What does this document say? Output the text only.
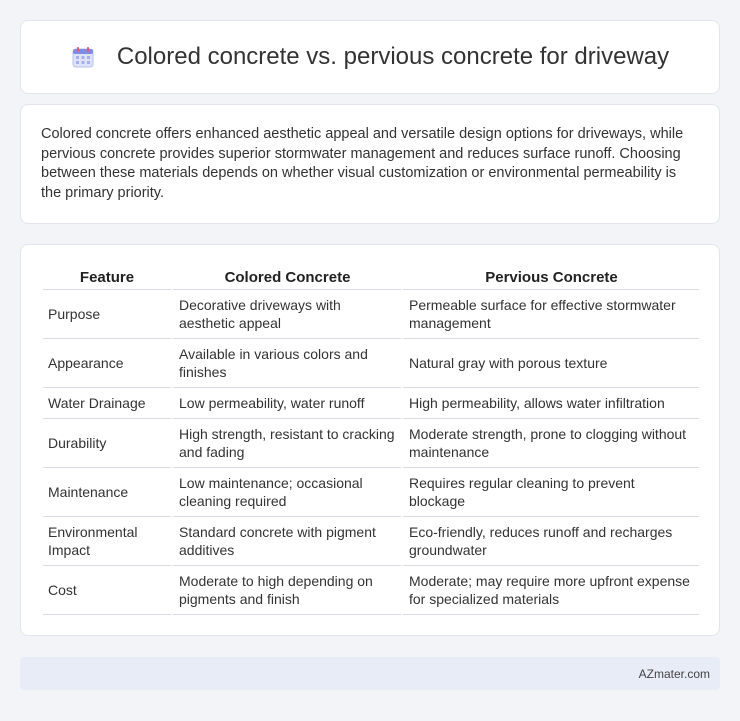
Colored concrete vs. pervious concrete for driveway

Colored concrete offers enhanced aesthetic appeal and versatile design options for driveways, while pervious concrete provides superior stormwater management and reduces surface runoff. Choosing between these materials depends on whether visual customization or environmental permeability is the primary priority.

Feature	Colored Concrete	Pervious Concrete
Purpose	Decorative driveways with aesthetic appeal	Permeable surface for effective stormwater management
Appearance	Available in various colors and finishes	Natural gray with porous texture
Water Drainage	Low permeability, water runoff	High permeability, allows water infiltration
Durability	High strength, resistant to cracking and fading	Moderate strength, prone to clogging without maintenance
Maintenance	Low maintenance; occasional cleaning required	Requires regular cleaning to prevent blockage
Environmental Impact	Standard concrete with pigment additives	Eco-friendly, reduces runoff and recharges groundwater
Cost	Moderate to high depending on pigments and finish	Moderate; may require more upfront expense for specialized materials
AZmater.com
